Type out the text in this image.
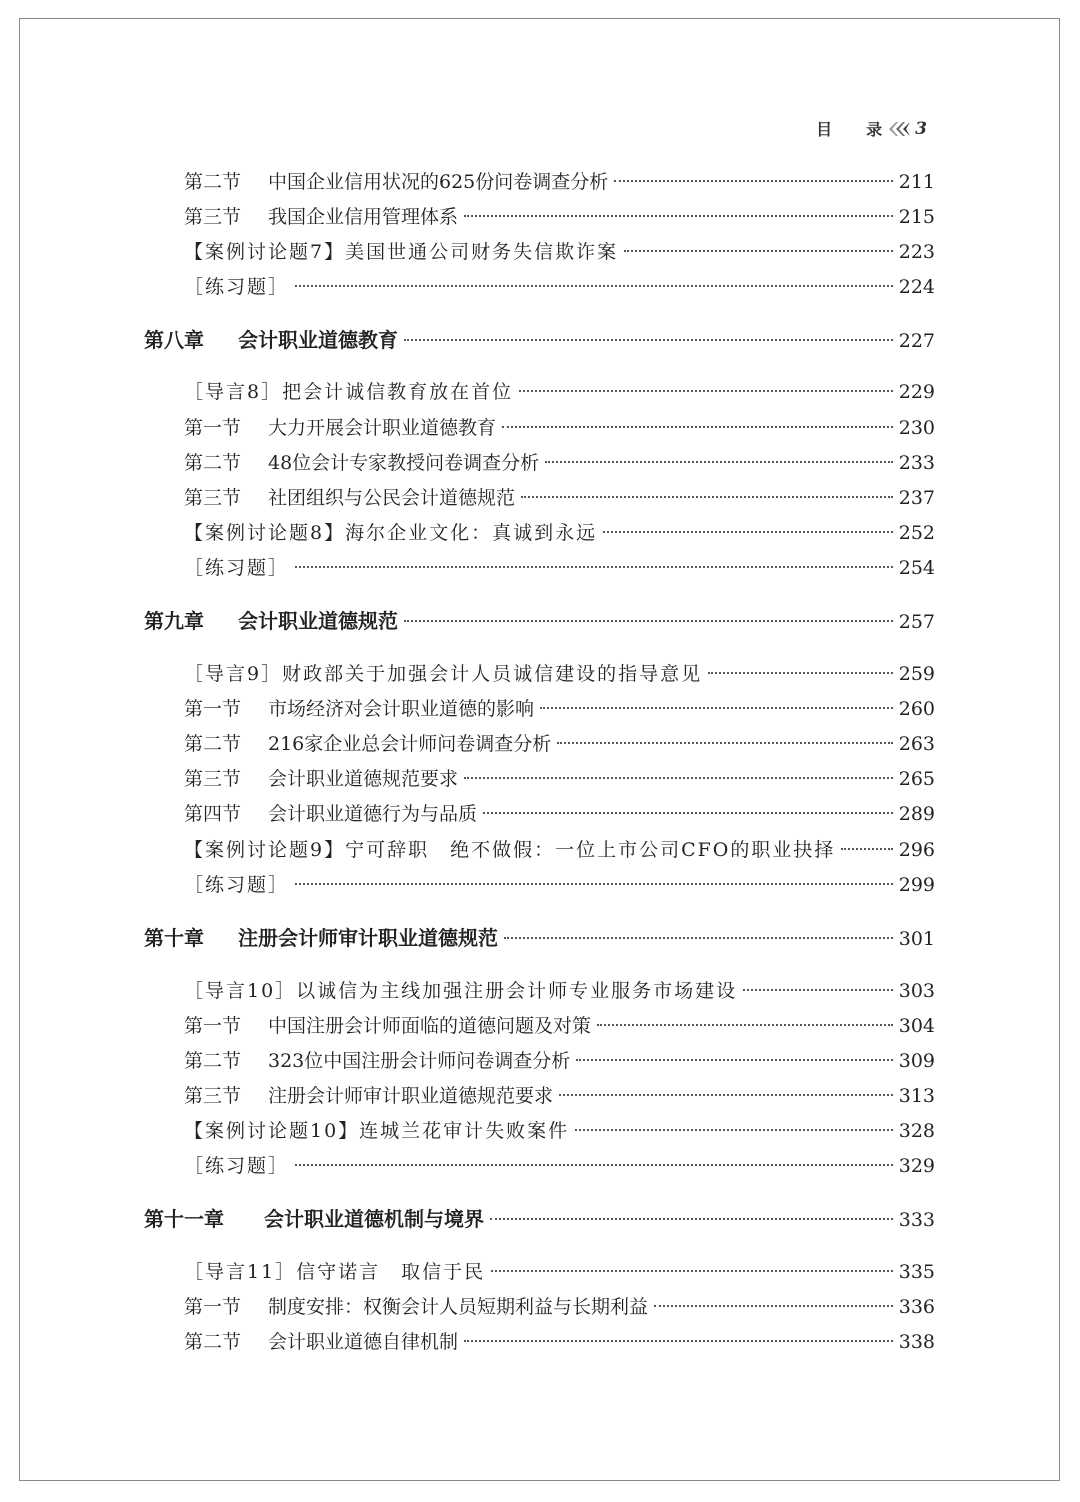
目 录 3
第二节	中国企业信用状况的625份问卷调查分析	211
第三节	我国企业信用管理体系	215
【案例讨论题7】美国世通公司财务失信欺诈案	223
［练习题］	224
第八章	会计职业道德教育	227
［导言8］把会计诚信教育放在首位	229
第一节	大力开展会计职业道德教育	230
第二节	48位会计专家教授问卷调查分析	233
第三节	社团组织与公民会计道德规范	237
【案例讨论题8】海尔企业文化：真诚到永远	252
［练习题］	254
第九章	会计职业道德规范	257
［导言9］财政部关于加强会计人员诚信建设的指导意见	259
第一节	市场经济对会计职业道德的影响	260
第二节	216家企业总会计师问卷调查分析	263
第三节	会计职业道德规范要求	265
第四节	会计职业道德行为与品质	289
【案例讨论题9】宁可辞职　绝不做假：一位上市公司CFO的职业抉择	296
［练习题］	299
第十章	注册会计师审计职业道德规范	301
［导言10］以诚信为主线加强注册会计师专业服务市场建设	303
第一节	中国注册会计师面临的道德问题及对策	304
第二节	323位中国注册会计师问卷调查分析	309
第三节	注册会计师审计职业道德规范要求	313
【案例讨论题10】连城兰花审计失败案件	328
［练习题］	329
第十一章	会计职业道德机制与境界	333
［导言11］信守诺言　取信于民	335
第一节	制度安排：权衡会计人员短期利益与长期利益	336
第二节	会计职业道德自律机制	338
